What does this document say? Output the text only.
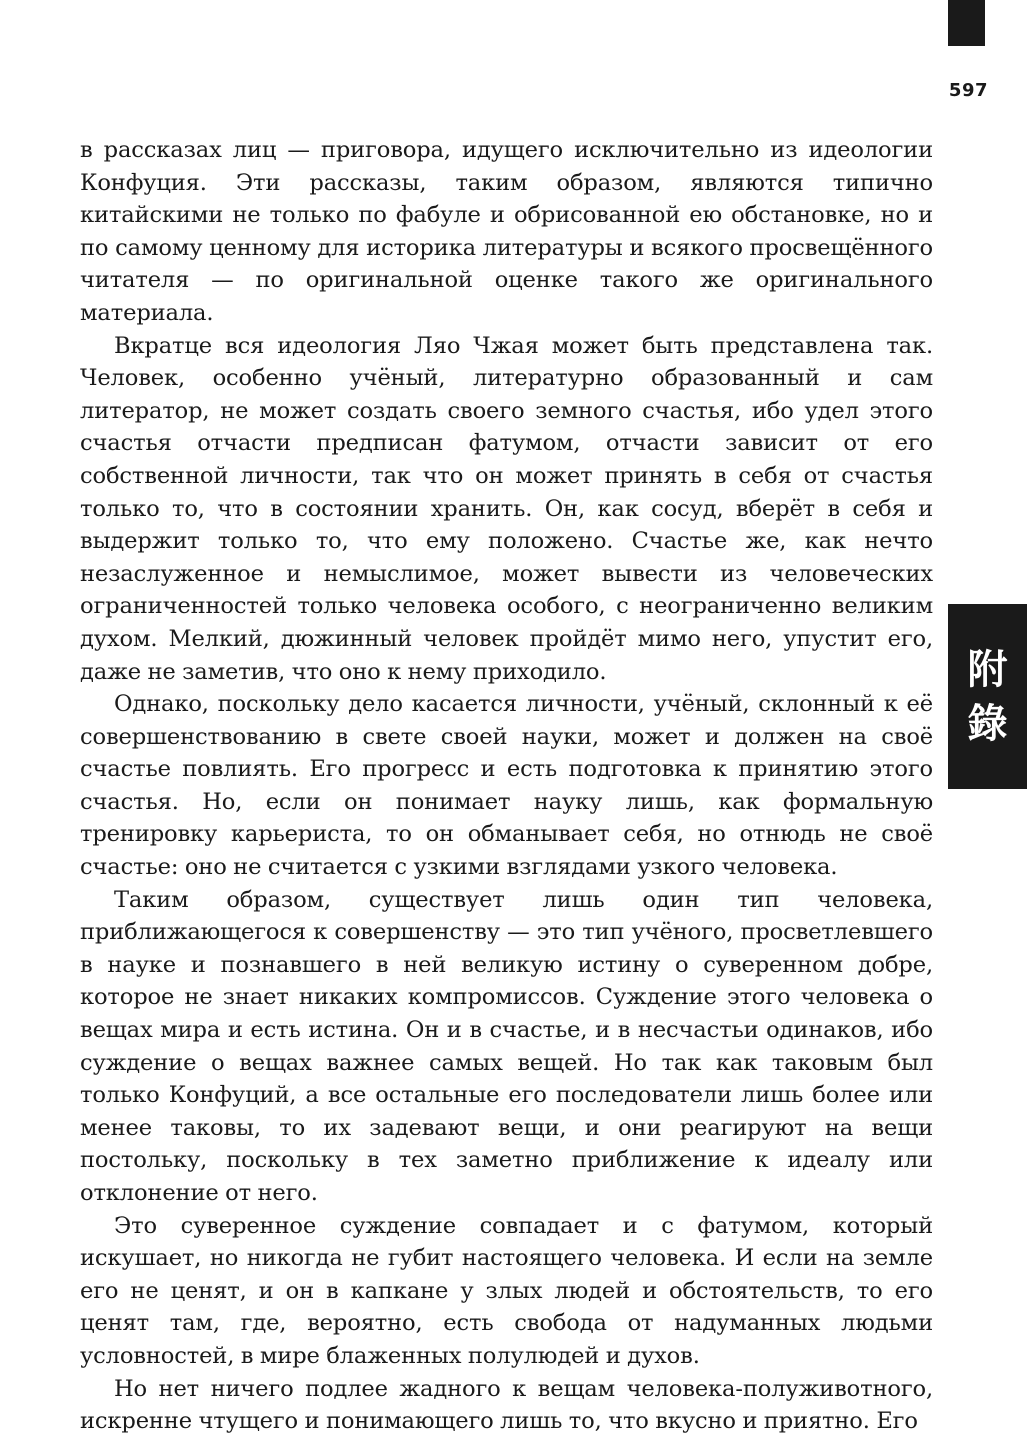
597
附
錄

в рассказах лиц — приговора, идущего исключительно из идеологии Конфуция. Эти рассказы, таким образом, являются типично китайскими не только по фабуле и обрисованной ею обстановке, но и по самому ценному для историка литературы и всякого просвещённого читателя — по оригинальной оценке такого же оригинального материала.

Вкратце вся идеология Ляо Чжая может быть представлена так. Человек, особенно учёный, литературно образованный и сам литератор, не может создать своего земного счастья, ибо удел этого счастья отчасти предписан фатумом, отчасти зависит от его собственной личности, так что он может принять в себя от счастья только то, что в состоянии хранить. Он, как сосуд, вберёт в себя и выдержит только то, что ему положено. Счастье же, как нечто незаслуженное и немыслимое, может вывести из человеческих ограниченностей только человека особого, с неограниченно великим духом. Мелкий, дюжинный человек пройдёт мимо него, упустит его, даже не заметив, что оно к нему приходило.

Однако, поскольку дело касается личности, учёный, склонный к её совершенствованию в свете своей науки, может и должен на своё счастье повлиять. Его прогресс и есть подготовка к принятию этого счастья. Но, если он понимает науку лишь, как формальную тренировку карьериста, то он обманывает себя, но отнюдь не своё счастье: оно не считается с узкими взглядами узкого человека.

Таким образом, существует лишь один тип человека, приближающегося к совершенству — это тип учёного, просветлевшего в науке и познавшего в ней великую истину о суверенном добре, которое не знает никаких компромиссов. Суждение этого человека о вещах мира и есть истина. Он и в счастье, и в несчастьи одинаков, ибо суждение о вещах важнее самых вещей. Но так как таковым был только Конфуций, а все остальные его последователи лишь более или менее таковы, то их задевают вещи, и они реагируют на вещи постольку, поскольку в тех заметно приближение к идеалу или отклонение от него.

Это суверенное суждение совпадает и с фатумом, который искушает, но никогда не губит настоящего человека. И если на земле его не ценят, и он в капкане у злых людей и обстоятельств, то его ценят там, где, вероятно, есть свобода от надуманных людьми условностей, в мире блаженных полулюдей и духов.

Но нет ничего подлее жадного к вещам человека-полуживотного, искренне чтущего и понимающего лишь то, что вкусно и приятно. Его
